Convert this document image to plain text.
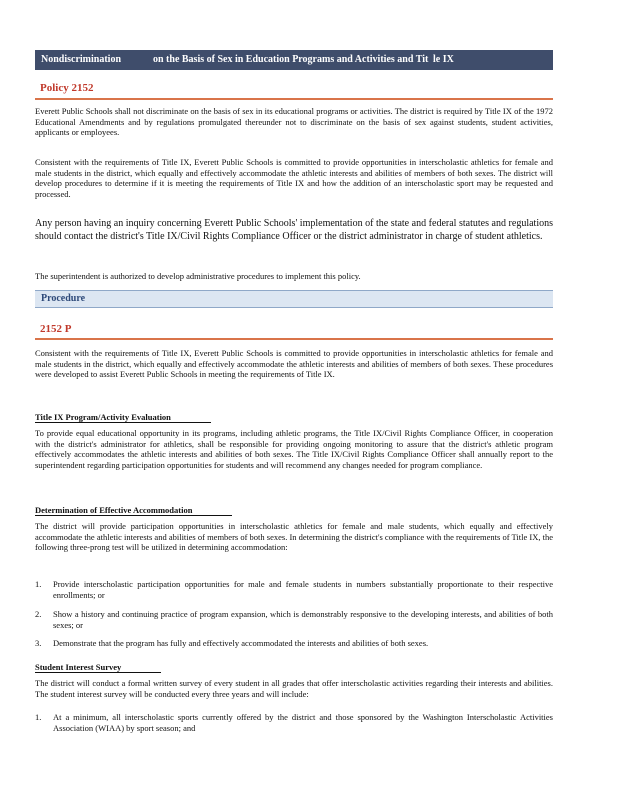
Nondiscrimination	on the Basis of Sex in Education Programs and Activities and Tit le IX
Policy 2152

Everett Public Schools shall not discriminate on the basis of sex in its educational programs or activities. The district is required by Title IX of the 1972 Educational Amendments and by regulations promulgated thereunder not to discriminate on the basis of sex against students, student activities, applicants or employees.

Consistent with the requirements of Title IX, Everett Public Schools is committed to provide opportunities in interscholastic athletics for female and male students in the district, which equally and effectively accommodate the athletic interests and abilities of members of both sexes. The district will develop procedures to determine if it is meeting the requirements of Title IX and how the addition of an interscholastic sport may be requested and processed.

Any person having an inquiry concerning Everett Public Schools' implementation of the state and federal statutes and regulations should contact the district's Title IX/Civil Rights Compliance Officer or the district administrator in charge of student athletics.

The superintendent is authorized to develop administrative procedures to implement this policy.

Procedure
2152 P

Consistent with the requirements of Title IX, Everett Public Schools is committed to provide opportunities in interscholastic athletics for female and male students in the district, which equally and effectively accommodate the athletic interests and abilities of members of both sexes. These procedures were developed to assist Everett Public Schools in meeting the requirements of Title IX.

Title IX Program/Activity Evaluation

To provide equal educational opportunity in its programs, including athletic programs, the Title IX/Civil Rights Compliance Officer, in cooperation with the district's administrator for athletics, shall be responsible for providing ongoing monitoring to assure that the district's athletic program effectively accommodates the athletic interests and abilities of both sexes. The Title IX/Civil Rights Compliance Officer shall annually report to the superintendent regarding participation opportunities for students and will recommend any changes needed for program compliance.

Determination of Effective Accommodation

The district will provide participation opportunities in interscholastic athletics for female and male students, which equally and effectively accommodate the athletic interests and abilities of members of both sexes. In determining the district's compliance with the requirements of Title IX, the following three-prong test will be utilized in determining accommodation:

1.	Provide interscholastic participation opportunities for male and female students in numbers substantially proportionate to their respective enrollments; or
2.	Show a history and continuing practice of program expansion, which is demonstrably responsive to the developing interests, and abilities of both sexes; or
3.	Demonstrate that the program has fully and effectively accommodated the interests and abilities of both sexes.
Student Interest Survey

The district will conduct a formal written survey of every student in all grades that offer interscholastic activities regarding their interests and abilities. The student interest survey will be conducted every three years and will include:

1.	At a minimum, all interscholastic sports currently offered by the district and those sponsored by the Washington Interscholastic Activities Association (WIAA) by sport season; and
